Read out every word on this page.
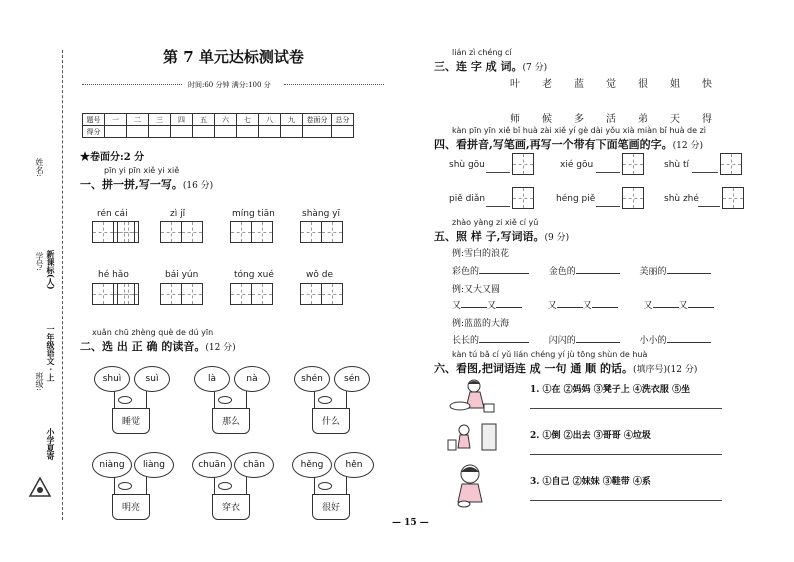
姓名:
学号: 新课标(人)
一年级语文 · 上
班级:
小学夏寄
第 7 单元达标测试卷
时间:60 分钟 满分:100 分
题号	一	二	三	四	五	六	七	八	九	卷面分	总分
得分											
★卷面分:2 分
pīn yi pīn xiě yi xiě
一、拼一拼,写一写。(16 分)
rén cái	zì jǐ	míng tiān	shàng yī
hé hǎo	bái yún	tóng xué	wǒ de
xuǎn chū zhèng què de dú yīn
二、选 出 正 确 的读音。(12 分)
shuì	suì
睡觉
là	nà
那么
shén	sén
什么
niàng	liàng
明亮
chuān	chān
穿衣
hěng	hěn
很好
lián zì chéng cí
三、连 字 成 词。(7 分)
叶 老 蓝 觉 很 姐 快
师 候 多 活 弟 天 得
kàn pīn yīn xiě bǐ huà zài xiě yí gè dài yǒu xià miàn bǐ huà de zì
四、看拼音,写笔画,再写一个带有下面笔画的字。(12 分)
shù gōu	xié gōu	shù tí
piě diǎn	héng piě	shù zhé
zhào yàng zi xiě cí yǔ
五、照 样 子,写词语。(9 分)
例:雪白的浪花
彩色的	金色的	美丽的
例:又大又圆
又	又	又	又	又	又
例:蓝蓝的大海
长长的	闪闪的	小小的
kàn tú bǎ cí yǔ lián chéng yí jù tōng shùn de huà
六、看图,把词语连 成 一句 通 顺 的话。(填序号)(12 分)
1. ①在 ②妈妈 ③凳子上 ④洗衣服 ⑤坐
2. ①倒 ②出去 ③哥哥 ④垃圾
3. ①自己 ②妹妹 ③鞋带 ④系
— 15 —
